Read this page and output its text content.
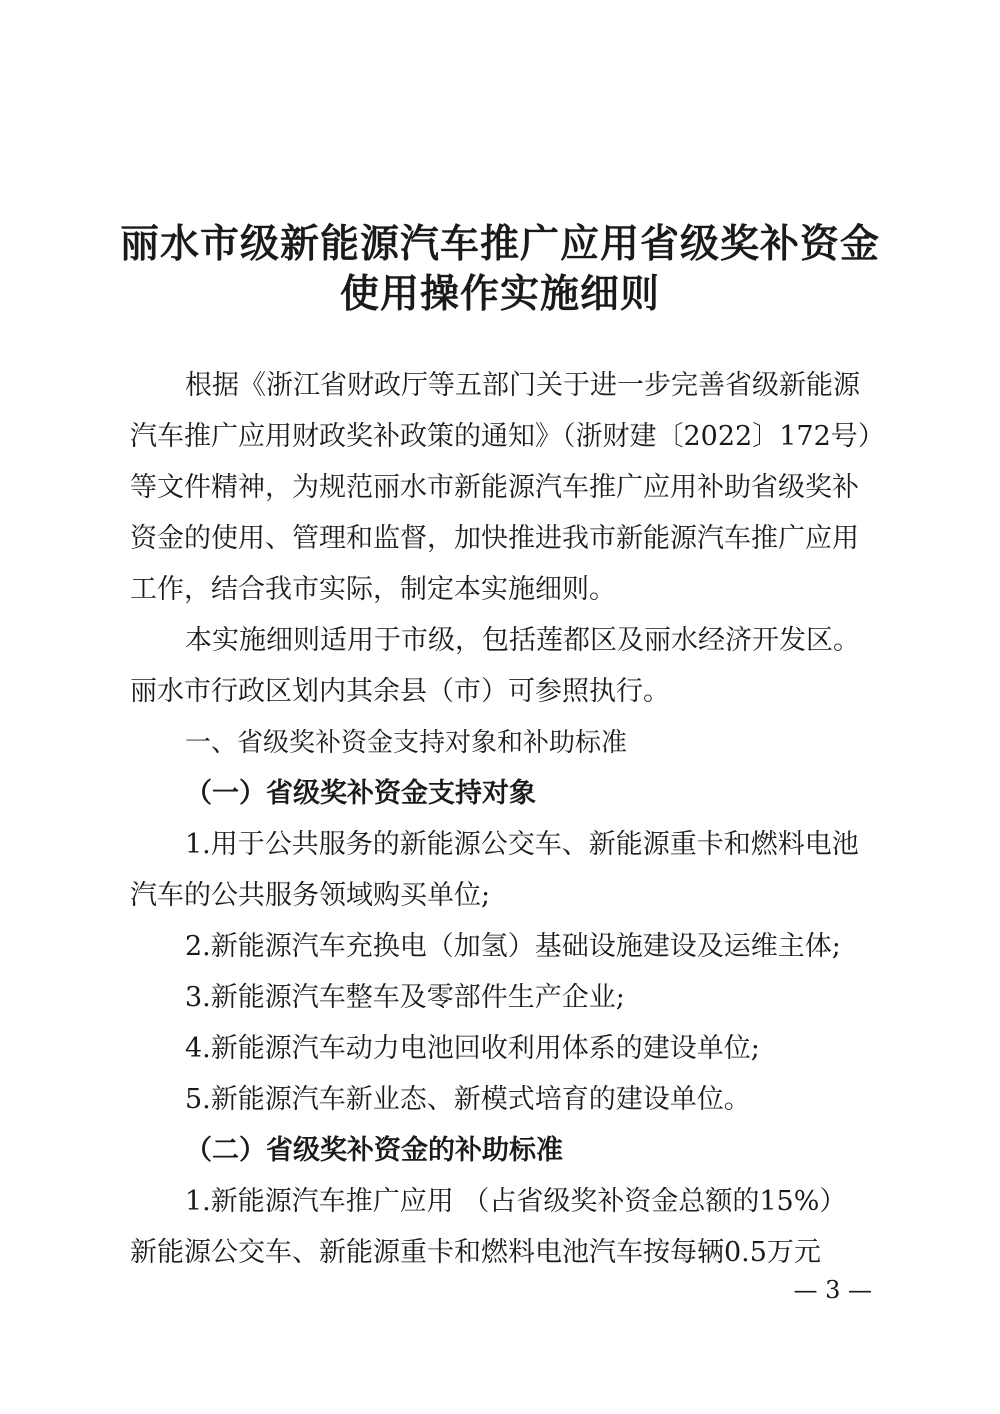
丽水市级新能源汽车推广应用省级奖补资金
使用操作实施细则
根据《浙江省财政厅等五部门关于进一步完善省级新能源
汽车推广应用财政奖补政策的通知》（浙财建〔2022〕172号）
等文件精神，为规范丽水市新能源汽车推广应用补助省级奖补
资金的使用、管理和监督，加快推进我市新能源汽车推广应用
工作，结合我市实际，制定本实施细则。
本实施细则适用于市级，包括莲都区及丽水经济开发区。
丽水市行政区划内其余县（市）可参照执行。
一、省级奖补资金支持对象和补助标准
（一）省级奖补资金支持对象
1.用于公共服务的新能源公交车、新能源重卡和燃料电池
汽车的公共服务领域购买单位;
2.新能源汽车充换电（加氢）基础设施建设及运维主体;
3.新能源汽车整车及零部件生产企业;
4.新能源汽车动力电池回收利用体系的建设单位;
5.新能源汽车新业态、新模式培育的建设单位。
（二）省级奖补资金的补助标准
1.新能源汽车推广应用 （占省级奖补资金总额的15%）
新能源公交车、新能源重卡和燃料电池汽车按每辆0.5万元
— 3 —
